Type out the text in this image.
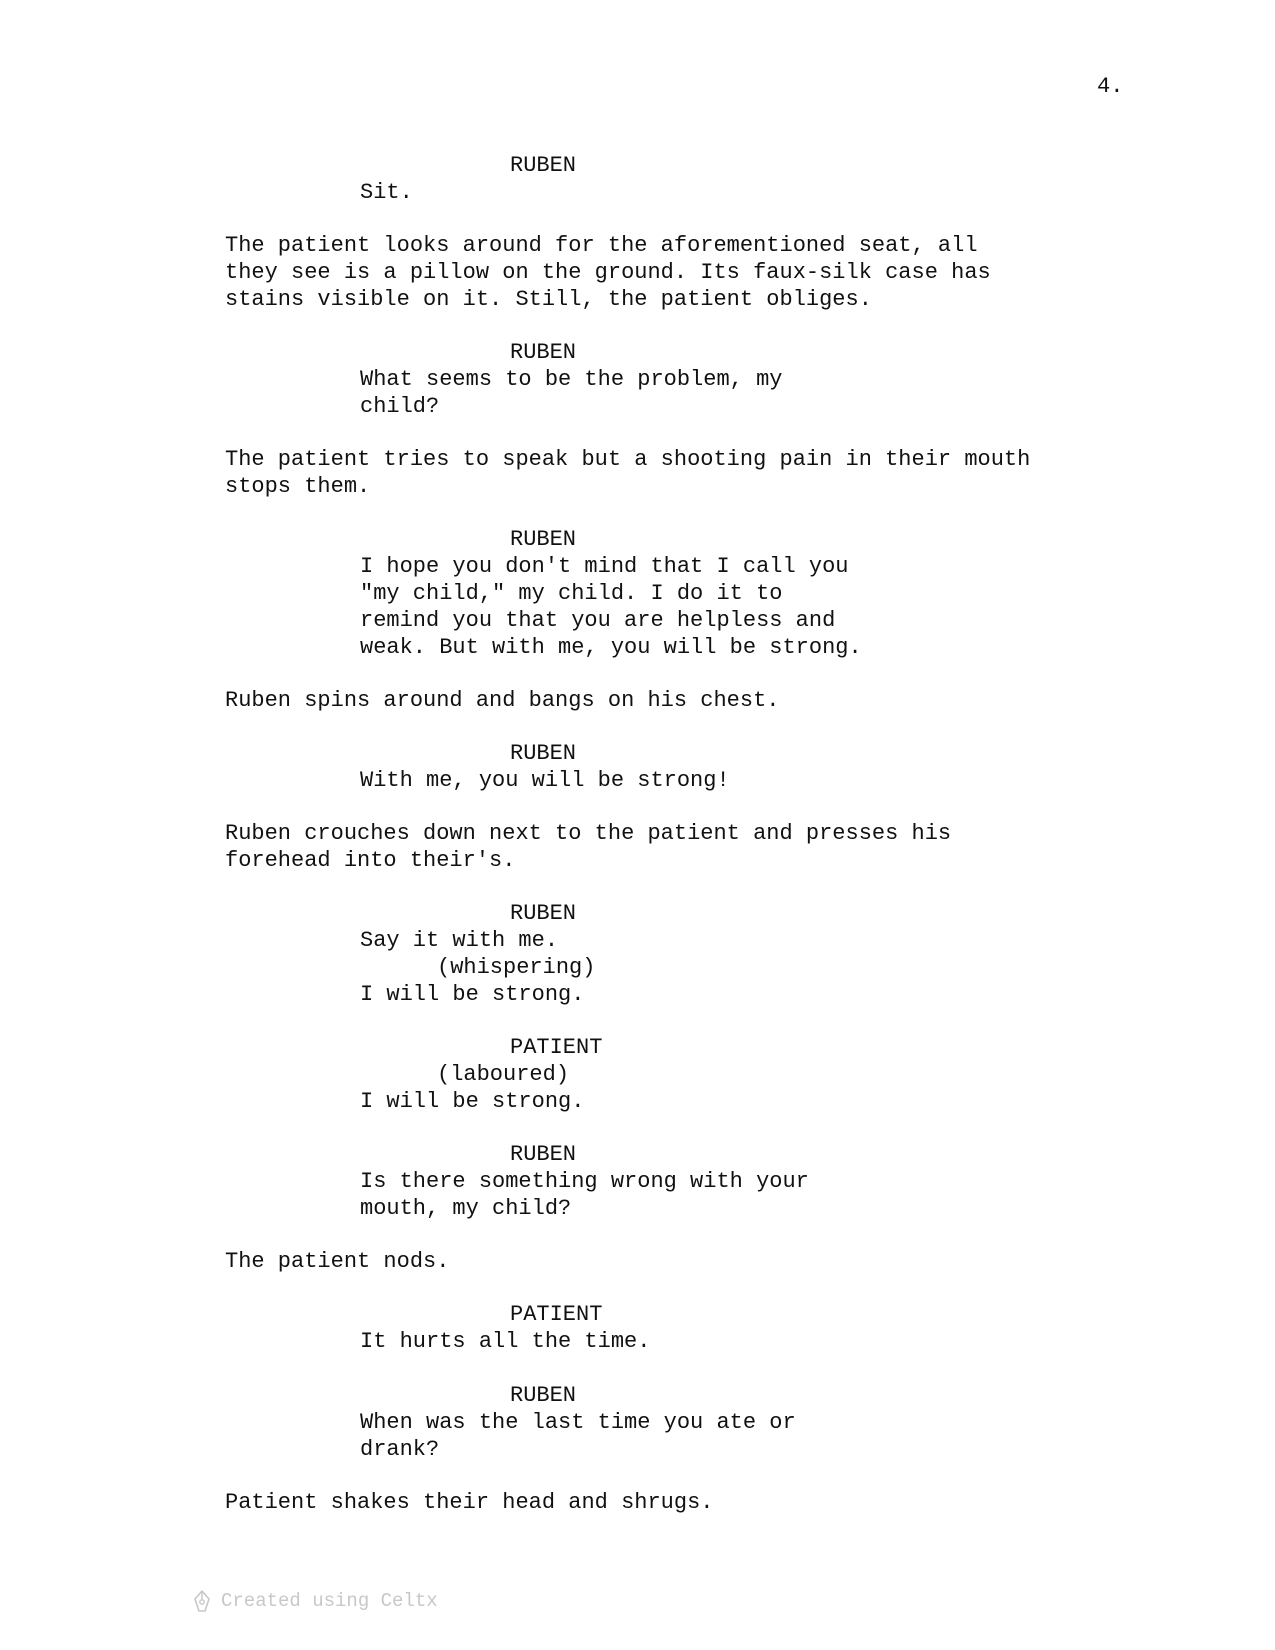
4.
RUBEN
Sit.
The patient looks around for the aforementioned seat, all
they see is a pillow on the ground. Its faux-silk case has
stains visible on it. Still, the patient obliges.
RUBEN
What seems to be the problem, my
child?
The patient tries to speak but a shooting pain in their mouth
stops them.
RUBEN
I hope you don't mind that I call you
"my child," my child. I do it to
remind you that you are helpless and
weak. But with me, you will be strong.
Ruben spins around and bangs on his chest.
RUBEN
With me, you will be strong!
Ruben crouches down next to the patient and presses his
forehead into their's.
RUBEN
Say it with me.
(whispering)
I will be strong.
PATIENT
(laboured)
I will be strong.
RUBEN
Is there something wrong with your
mouth, my child?
The patient nods.
PATIENT
It hurts all the time.
RUBEN
When was the last time you ate or
drank?
Patient shakes their head and shrugs.
Created using Celtx
